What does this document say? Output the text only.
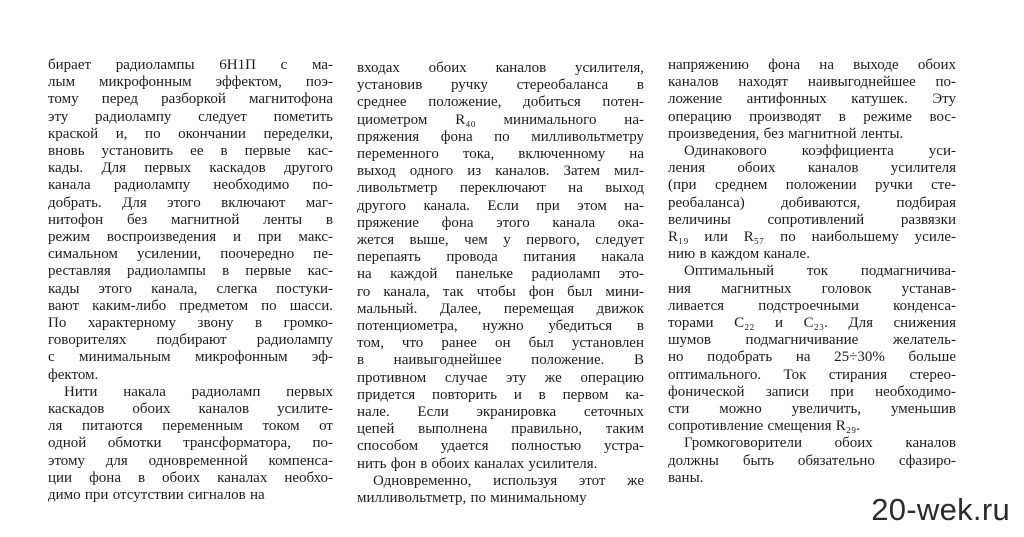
бирает радиолампы 6Н1П с ма-
лым микрофонным эффектом, поэ-
тому перед разборкой магнитофона
эту радиолампу следует пометить
краской и, по окончании переделки,
вновь установить ее в первые кас-
кады. Для первых каскадов другого
канала радиолампу необходимо по-
добрать. Для этого включают маг-
нитофон без магнитной ленты в
режим воспроизведения и при макс-
симальном усилении, поочередно пе-
реставляя радиолампы в первые кас-
кады этого канала, слегка постуки-
вают каким-либо предметом по шасси.
По характерному звону в громко-
говорителях подбирают радиолампу
с минимальным микрофонным эф-
фектом.
Нити накала радиоламп первых
каскадов обоих каналов усилите-
ля питаются переменным током от
одной обмотки трансформатора, по-
этому для одновременной компенса-
ции фона в обоих каналах необхо-
димо при отсутствии сигналов на
входах обоих каналов усилителя,
установив ручку стереобаланса в
среднее положение, добиться потен-
циометром R₄₀ минимального на-
пряжения фона по милливольтметру
переменного тока, включенному на
выход одного из каналов. Затем мил-
ливольтметр переключают на выход
другого канала. Если при этом на-
пряжение фона этого канала ока-
жется выше, чем у первого, следует
перепаять провода питания накала
на каждой панельке радиоламп это-
го канала, так чтобы фон был мини-
мальный. Далее, перемещая движок
потенциометра, нужно убедиться в
том, что ранее он был установлен
в наивыгоднейшее положение. В
противном случае эту же операцию
придется повторить и в первом ка-
нале. Если экранировка сеточных
цепей выполнена правильно, таким
способом удается полностью устра-
нить фон в обоих каналах усилителя.
Одновременно, используя этот же
милливольтметр, по минимальному
напряжению фона на выходе обоих
каналов находят наивыгоднейшее по-
ложение антифонных катушек. Эту
операцию производят в режиме вос-
произведения, без магнитной ленты.
Одинакового коэффициента уси-
ления обоих каналов усилителя
(при среднем положении ручки сте-
реобаланса) добиваются, подбирая
величины сопротивлений развязки
R₁₉ или R₅₇ по наибольшему усиле-
нию в каждом канале.
Оптимальный ток подмагничива-
ния магнитных головок устанав-
ливается подстроечными конденса-
торами C₂₂ и C₂₃. Для снижения
шумов подмагничивание желатель-
но подобрать на 25÷30% больше
оптимального. Ток стирания стерео-
фонической записи при необходимо-
сти можно увеличить, уменьшив
сопротивление смещения R₂₉.
Громкоговорители обоих каналов
должны быть обязательно сфазиро-
ваны.
20-wek.ru
